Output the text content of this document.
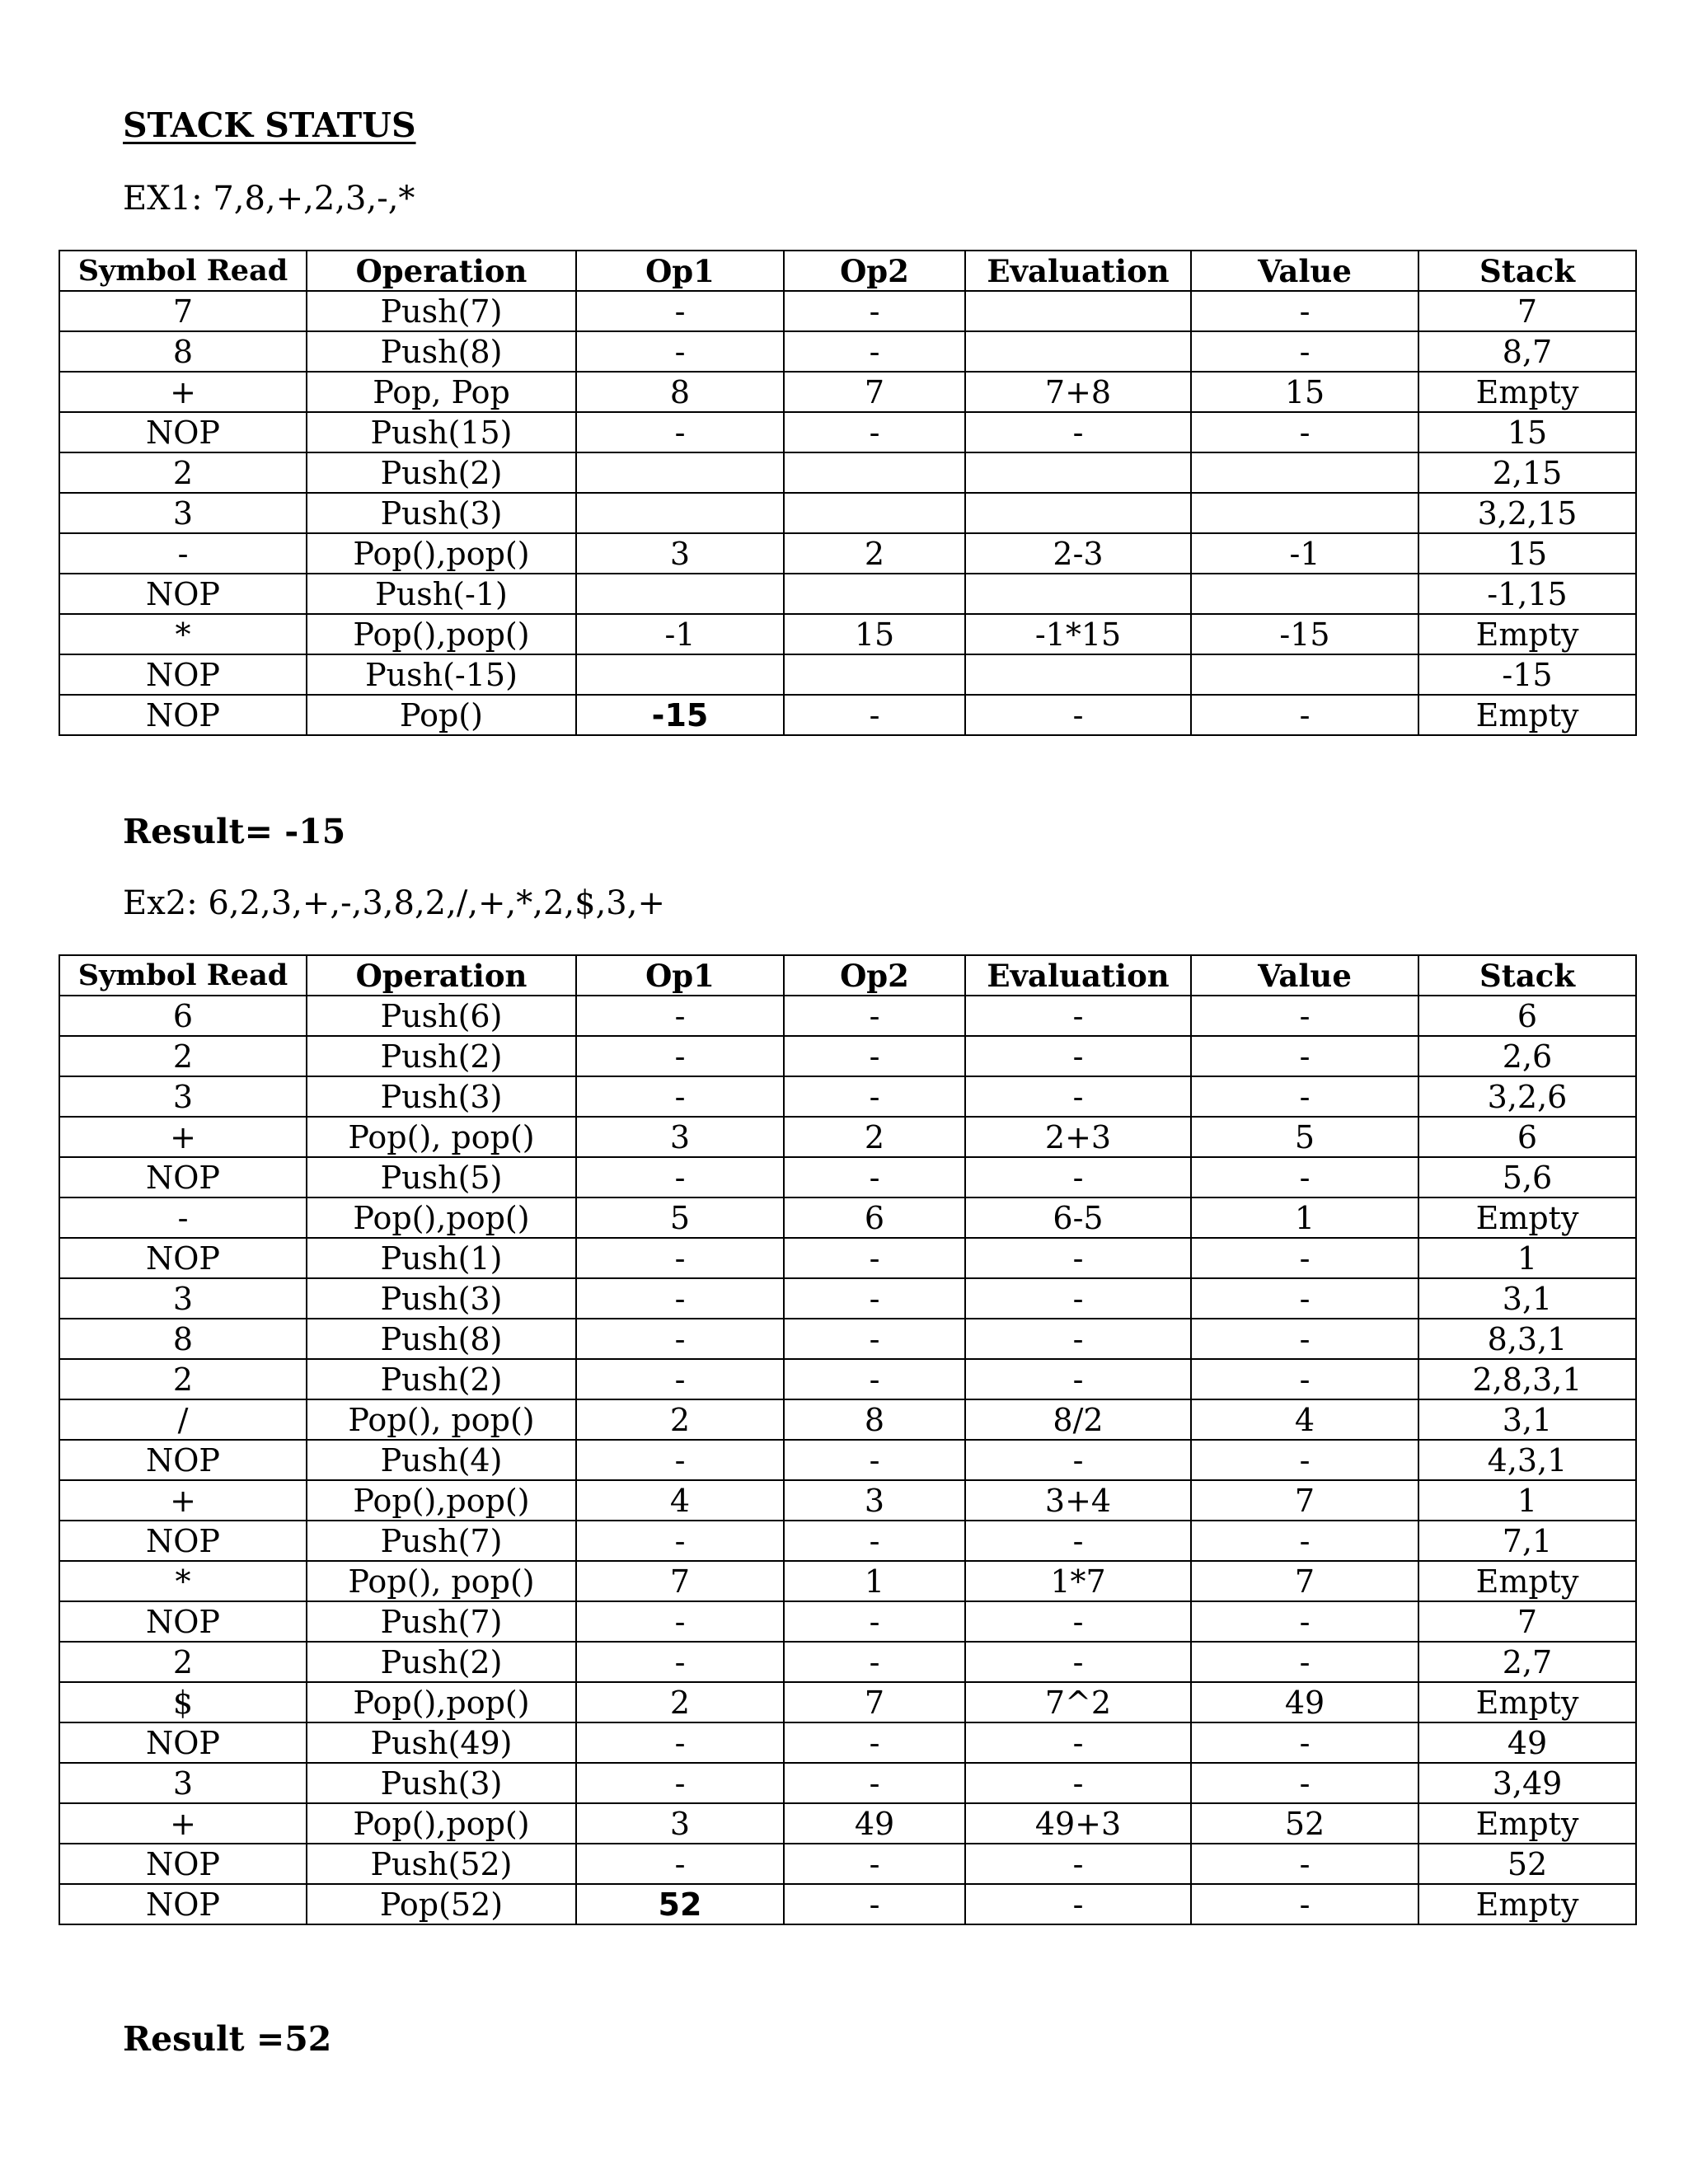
STACK STATUS
EX1: 7,8,+,2,3,-,*
Symbol Read	Operation	Op1	Op2	Evaluation	Value	Stack
7	Push(7)	-	-		-	7
8	Push(8)	-	-		-	8,7
+	Pop, Pop	8	7	7+8	15	Empty
NOP	Push(15)	-	-	-	-	15
2	Push(2)					2,15
3	Push(3)					3,2,15
-	Pop(),pop()	3	2	2-3	-1	15
NOP	Push(-1)					-1,15
*	Pop(),pop()	-1	15	-1*15	-15	Empty
NOP	Push(-15)					-15
NOP	Pop()	-15	-	-	-	Empty
Result= -15
Ex2: 6,2,3,+,-,3,8,2,/,+,*,2,$,3,+
Symbol Read	Operation	Op1	Op2	Evaluation	Value	Stack
6	Push(6)	-	-	-	-	6
2	Push(2)	-	-	-	-	2,6
3	Push(3)	-	-	-	-	3,2,6
+	Pop(), pop()	3	2	2+3	5	6
NOP	Push(5)	-	-	-	-	5,6
-	Pop(),pop()	5	6	6-5	1	Empty
NOP	Push(1)	-	-	-	-	1
3	Push(3)	-	-	-	-	3,1
8	Push(8)	-	-	-	-	8,3,1
2	Push(2)	-	-	-	-	2,8,3,1
/	Pop(), pop()	2	8	8/2	4	3,1
NOP	Push(4)	-	-	-	-	4,3,1
+	Pop(),pop()	4	3	3+4	7	1
NOP	Push(7)	-	-	-	-	7,1
*	Pop(), pop()	7	1	1*7	7	Empty
NOP	Push(7)	-	-	-	-	7
2	Push(2)	-	-	-	-	2,7
$	Pop(),pop()	2	7	7^2	49	Empty
NOP	Push(49)	-	-	-	-	49
3	Push(3)	-	-	-	-	3,49
+	Pop(),pop()	3	49	49+3	52	Empty
NOP	Push(52)	-	-	-	-	52
NOP	Pop(52)	52	-	-	-	Empty
Result =52
